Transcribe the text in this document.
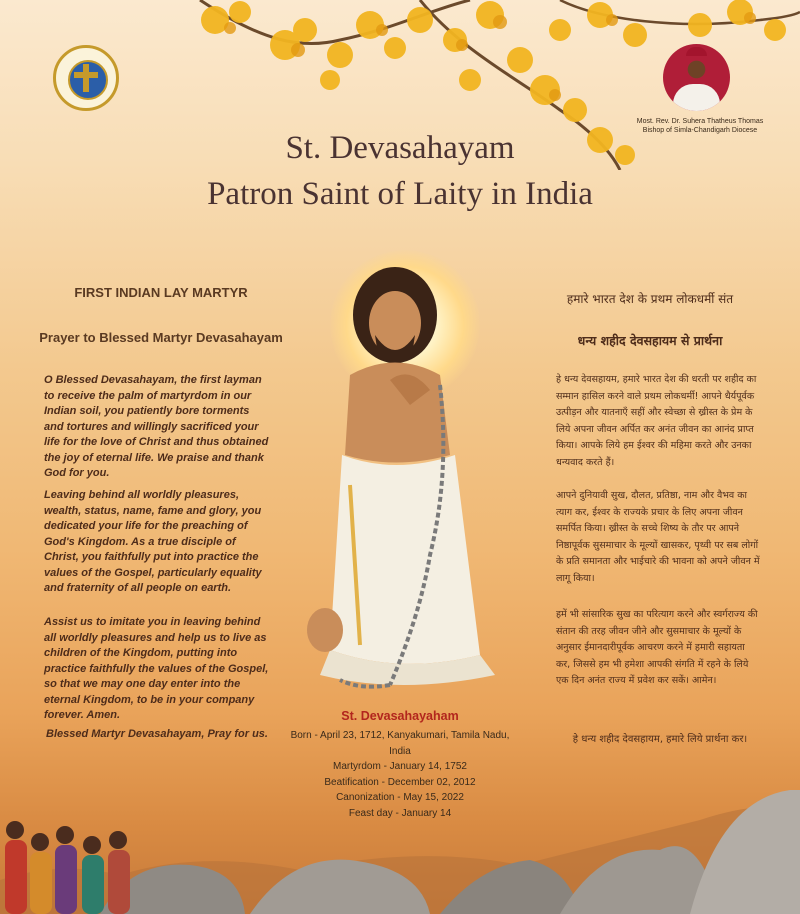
Most. Rev. Dr. Suhera Thatheus Thomas
Bishop of Simla-Chandigarh Diocese
St. Devasahayam
Patron Saint of Laity in India
FIRST INDIAN LAY MARTYR
Prayer to Blessed Martyr Devasahayam
O Blessed Devasahayam, the first layman to receive the palm of martyrdom in our Indian soil, you patiently bore torments and tortures and willingly sacrificed your life for the love of Christ and thus obtained the joy of eternal life. We praise and thank God for you.
Leaving behind all worldly pleasures, wealth, status, name, fame and glory, you dedicated your life for the preaching of God's Kingdom. As a true disciple of Christ, you faithfully put into practice the values of the Gospel, particularly equality and fraternity of all people on earth.
Assist us to imitate you in leaving behind all worldly pleasures and help us to live as children of the Kingdom, putting into practice faithfully the values of the Gospel, so that we may one day enter into the eternal Kingdom, to be in your company forever. Amen.
Blessed Martyr Devasahayam, Pray for us.
हमारे भारत देश के प्रथम लोकधर्मी संत
धन्य शहीद देवसहायम से प्रार्थना
हे धन्य देवसहायम, हमारे भारत देश की धरती पर शहीद का सम्मान हासिल करने वाले प्रथम लोकधर्मी! आपने धैर्यपूर्वक उत्पीड़न और यातनाएँ सहीं और स्वेच्छा से ख्रीस्त के प्रेम के लिये अपना जीवन अर्पित कर अनंत जीवन का आनंद प्राप्त किया। आपके लिये हम ईश्वर की महिमा करते और उनका धन्यवाद करते हैं।
आपने दुनियावी सुख, दौलत, प्रतिष्ठा, नाम और वैभव का त्याग कर, ईश्वर के राज्यके प्रचार के लिए अपना जीवन समर्पित किया। ख्रीस्त के सच्चे शिष्य के तौर पर आपने निष्ठापूर्वक सुसमाचार के मूल्यों खासकर, पृथ्वी पर सब लोगों के प्रति समानता और भाईचारे की भावना को अपने जीवन में लागू किया।
हमें भी सांसारिक सुख का परित्याग करने और स्वर्गराज्य की संतान की तरह जीवन जीने और सुसमाचार के मूल्यों के अनुसार ईमानदारीपूर्वक आचरण करने में हमारी सहायता कर, जिससे हम भी हमेशा आपकी संगति में रहने के लिये एक दिन अनंत राज्य में प्रवेश कर सकें। आमेन।
हे धन्य शहीद देवसहायम, हमारे लिये प्रार्थना कर।
St. Devasahayaham
Born - April 23, 1712, Kanyakumari, Tamila Nadu, India
Martyrdom - January 14, 1752
Beatification - December 02, 2012
Canonization - May 15, 2022
Feast day - January 14
